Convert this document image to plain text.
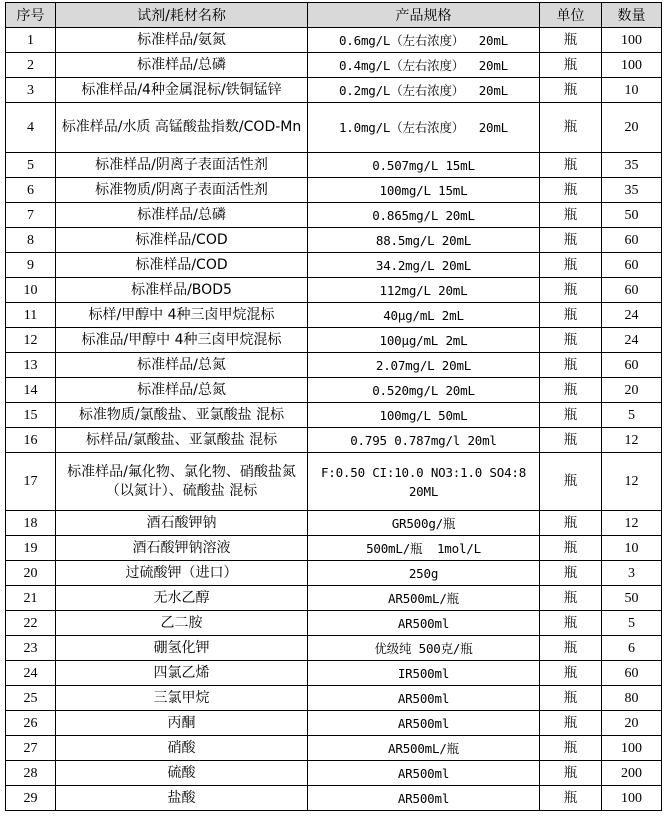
序号	试剂/耗材名称	产品规格	单位	数量
1	标准样品/氨氮	0.6mg/L（左右浓度）  20mL	瓶	100
2	标准样品/总磷	0.4mg/L（左右浓度）  20mL	瓶	100
3	标准样品/4种金属混标/铁铜锰锌	0.2mg/L（左右浓度）  20mL	瓶	10
4	标准样品/水质 高锰酸盐指数/COD-Mn	1.0mg/L（左右浓度）  20mL	瓶	20
5	标准样品/阴离子表面活性剂	0.507mg/L 15mL	瓶	35
6	标准物质/阴离子表面活性剂	100mg/L 15mL	瓶	35
7	标准样品/总磷	0.865mg/L 20mL	瓶	50
8	标准样品/COD	88.5mg/L 20mL	瓶	60
9	标准样品/COD	34.2mg/L 20mL	瓶	60
10	标准样品/BOD5	112mg/L 20mL	瓶	60
11	标样/甲醇中 4种三卤甲烷混标	40μg/mL 2mL	瓶	24
12	标准品/甲醇中 4种三卤甲烷混标	100μg/mL 2mL	瓶	24
13	标准样品/总氮	2.07mg/L 20mL	瓶	60
14	标准样品/总氮	0.520mg/L 20mL	瓶	20
15	标准物质/氯酸盐、亚氯酸盐 混标	100mg/L 50mL	瓶	5
16	标样品/氯酸盐、亚氯酸盐 混标	0.795 0.787mg/l 20ml	瓶	12
17	标准样品/氟化物、氯化物、硝酸盐氮（以氮计）、硫酸盐 混标	F:0.50 CI:10.0 NO3:1.0 SO4:8 20ML	瓶	12
18	酒石酸钾钠	GR500g/瓶	瓶	12
19	酒石酸钾钠溶液	500mL/瓶  1mol/L	瓶	10
20	过硫酸钾（进口）	250g	瓶	3
21	无水乙醇	AR500mL/瓶	瓶	50
22	乙二胺	AR500ml	瓶	5
23	硼氢化钾	优级纯 500克/瓶	瓶	6
24	四氯乙烯	IR500ml	瓶	60
25	三氯甲烷	AR500ml	瓶	80
26	丙酮	AR500ml	瓶	20
27	硝酸	AR500mL/瓶	瓶	100
28	硫酸	AR500ml	瓶	200
29	盐酸	AR500ml	瓶	100
